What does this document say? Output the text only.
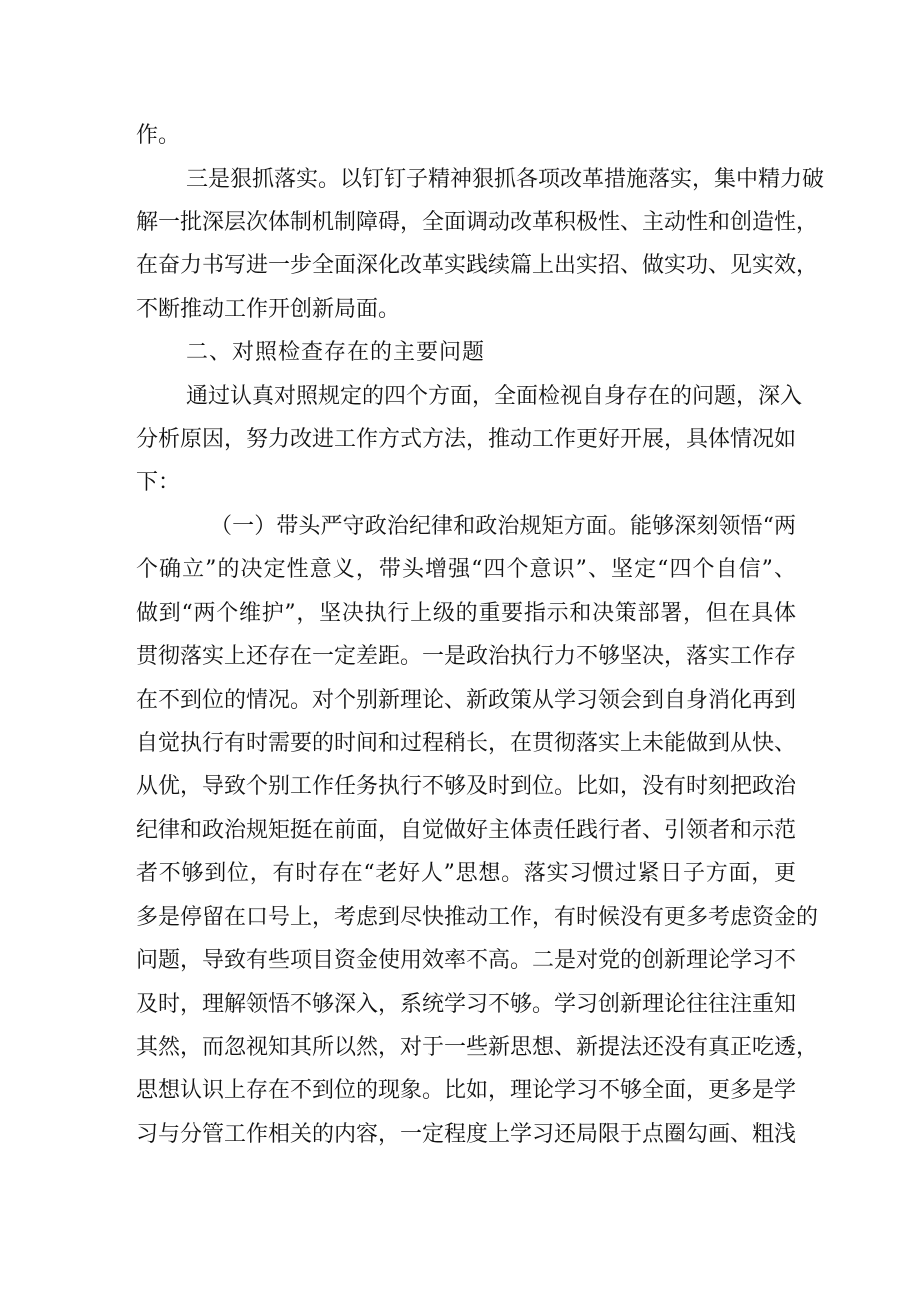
作。
三是狠抓落实。以钉钉子精神狠抓各项改革措施落实，集中精力破
解一批深层次体制机制障碍，全面调动改革积极性、主动性和创造性，
在奋力书写进一步全面深化改革实践续篇上出实招、做实功、见实效，
不断推动工作开创新局面。
二、对照检查存在的主要问题
通过认真对照规定的四个方面，全面检视自身存在的问题，深入
分析原因，努力改进工作方式方法，推动工作更好开展，具体情况如
下：
（一）带头严守政治纪律和政治规矩方面。能够深刻领悟“两
个确立”的决定性意义，带头增强“四个意识”、坚定“四个自信”、
做到“两个维护”，坚决执行上级的重要指示和决策部署，但在具体
贯彻落实上还存在一定差距。一是政治执行力不够坚决，落实工作存
在不到位的情况。对个别新理论、新政策从学习领会到自身消化再到
自觉执行有时需要的时间和过程稍长，在贯彻落实上未能做到从快、
从优，导致个别工作任务执行不够及时到位。比如，没有时刻把政治
纪律和政治规矩挺在前面，自觉做好主体责任践行者、引领者和示范
者不够到位，有时存在“老好人”思想。落实习惯过紧日子方面，更
多是停留在口号上，考虑到尽快推动工作，有时候没有更多考虑资金的
问题，导致有些项目资金使用效率不高。二是对党的创新理论学习不
及时，理解领悟不够深入，系统学习不够。学习创新理论往往注重知
其然，而忽视知其所以然，对于一些新思想、新提法还没有真正吃透，
思想认识上存在不到位的现象。比如，理论学习不够全面，更多是学
习与分管工作相关的内容，一定程度上学习还局限于点圈勾画、粗浅
